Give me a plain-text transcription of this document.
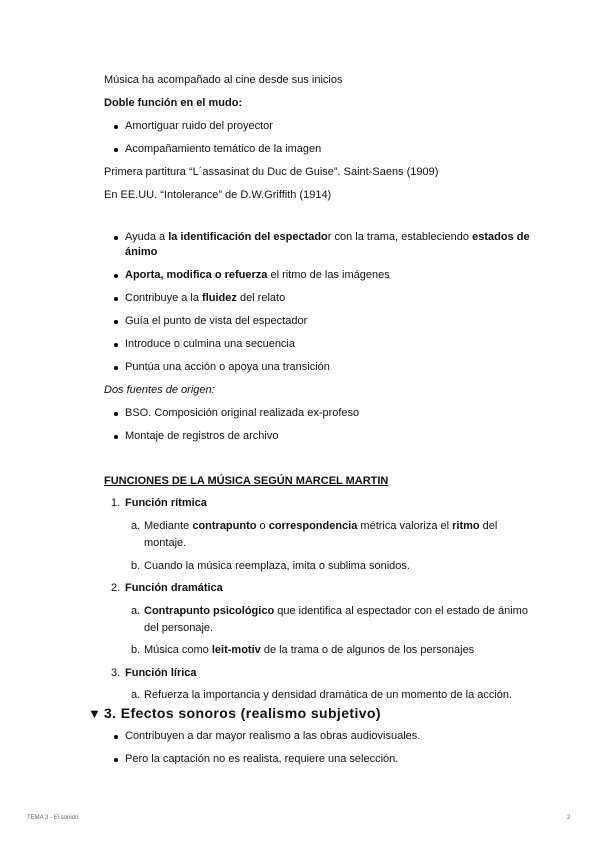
Música ha acompañado al cine desde sus inicios
Doble función en el mudo:
Amortiguar ruido del proyector
Acompañamiento temático de la imagen
Primera partitura “L´assasinat du Duc de Guise”. Saint-Saens (1909)
En EE.UU. “Intolerance” de D.W.Griffith (1914)
Ayuda a la identificación del espectador con la trama, estableciendo estados de
ánimo
Aporta, modifica o refuerza el ritmo de las imágenes
Contribuye a la fluidez del relato
Guía el punto de vista del espectador
Introduce o culmina una secuencia
Puntúa una acción o apoya una transición
Dos fuentes de origen:
BSO. Composición original realizada ex-profeso
Montaje de registros de archivo
FUNCIONES DE LA MÚSICA SEGÚN MARCEL MARTIN
1. Función rítmica
a. Mediante contrapunto o correspondencia métrica valoriza el ritmo del
montaje.
b. Cuando la música reemplaza, imita o sublima sonidos.
2. Función dramática
a. Contrapunto psicológico que identifica al espectador con el estado de ánimo
del personaje.
b. Música como leit-motiv de la trama o de algunos de los personajes
3. Función lírica
a. Refuerza la importancia y densidad dramática de un momento de la acción.
▼ 3. Efectos sonoros (realismo subjetivo)
Contribuyen a dar mayor realismo a las obras audiovisuales.
Pero la captación no es realista, requiere una selección.
TEMA 3 - El sonido	2
